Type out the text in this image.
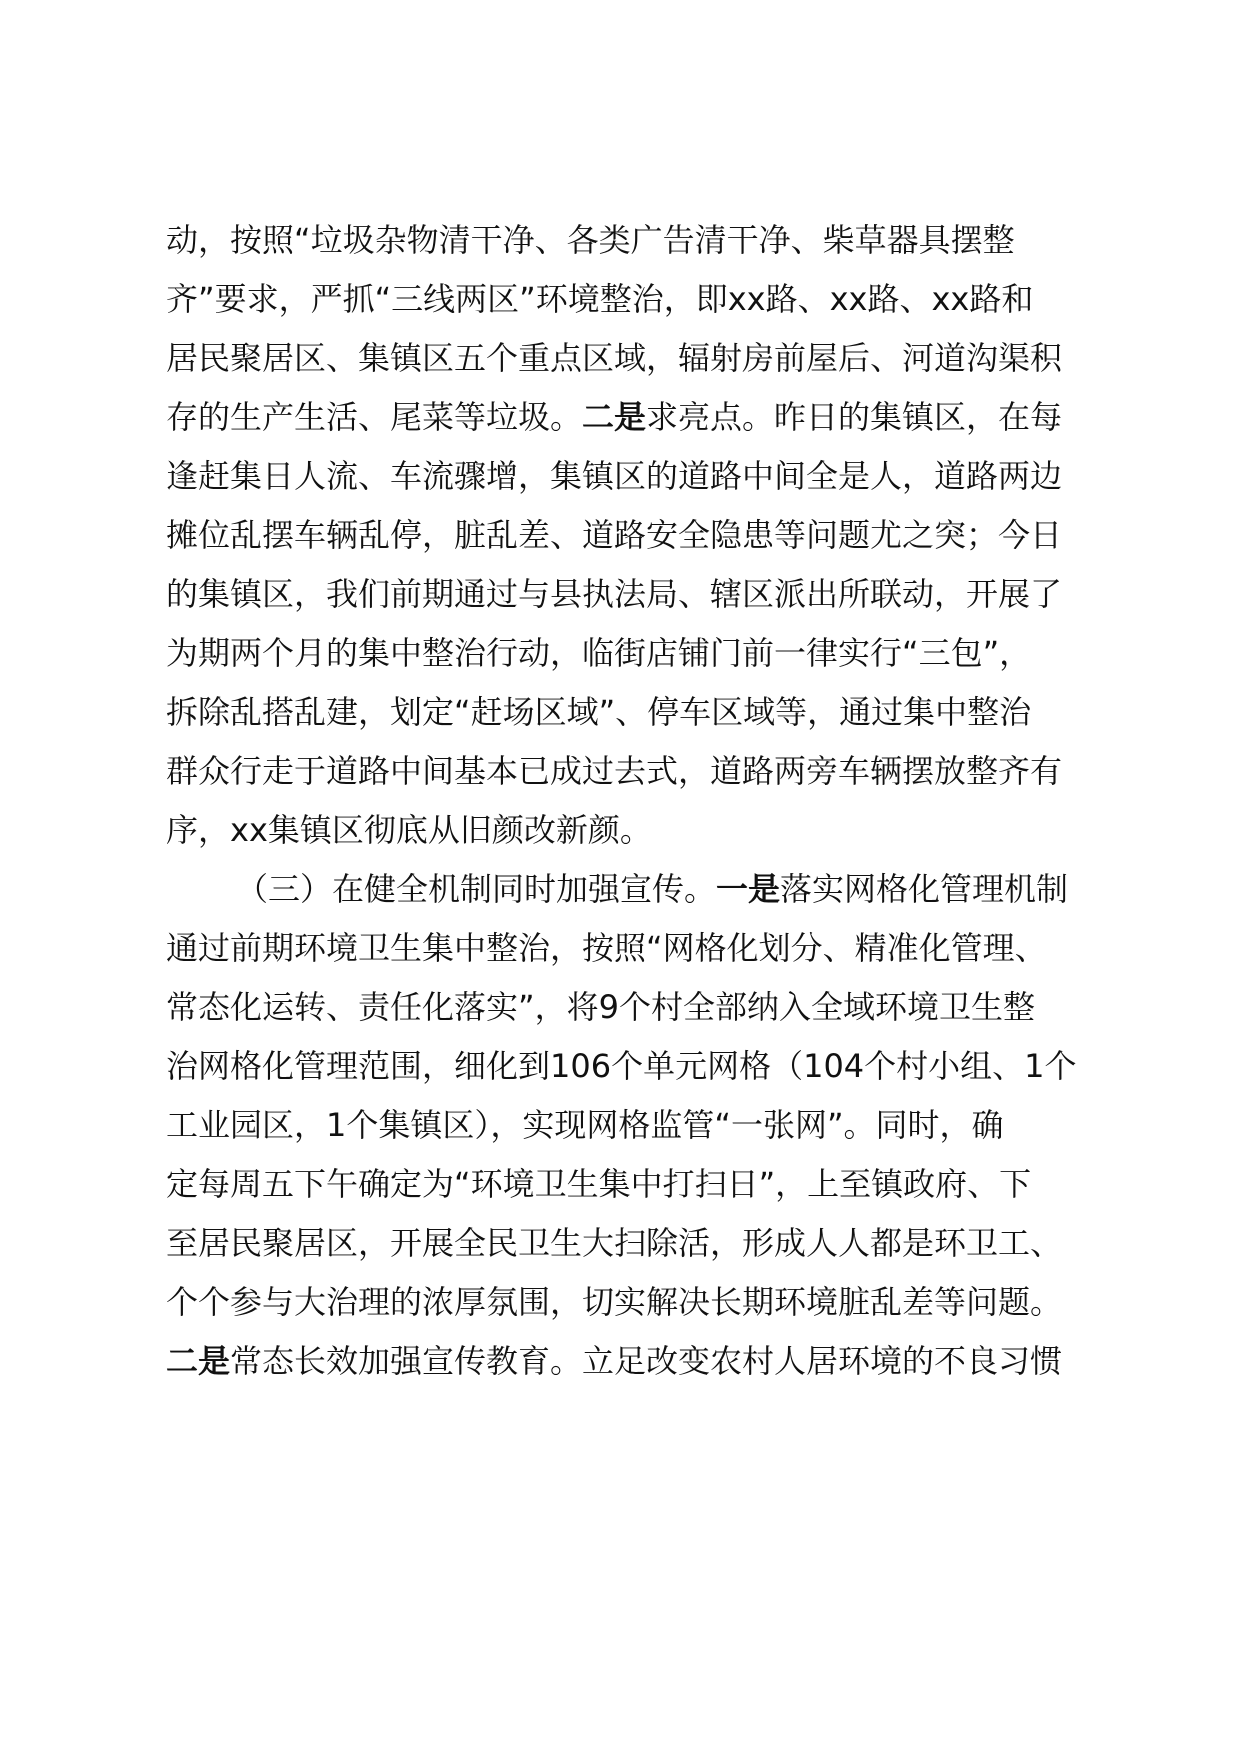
动，按照“垃圾杂物清干净、各类广告清干净、柴草器具摆整
齐”要求，严抓“三线两区”环境整治，即xx路、xx路、xx路和
居民聚居区、集镇区五个重点区域，辐射房前屋后、河道沟渠积
存的生产生活、尾菜等垃圾。二是求亮点。昨日的集镇区，在每
逢赶集日人流、车流骤增，集镇区的道路中间全是人，道路两边
摊位乱摆车辆乱停，脏乱差、道路安全隐患等问题尤之突；今日
的集镇区，我们前期通过与县执法局、辖区派出所联动，开展了
为期两个月的集中整治行动，临街店铺门前一律实行“三包”，
拆除乱搭乱建，划定“赶场区域”、停车区域等，通过集中整治
群众行走于道路中间基本已成过去式，道路两旁车辆摆放整齐有
序，xx集镇区彻底从旧颜改新颜。
（三）在健全机制同时加强宣传。一是落实网格化管理机制
通过前期环境卫生集中整治，按照“网格化划分、精准化管理、
常态化运转、责任化落实”，将9个村全部纳入全域环境卫生整
治网格化管理范围，细化到106个单元网格（104个村小组、1个
工业园区，1个集镇区），实现网格监管“一张网”。同时，确
定每周五下午确定为“环境卫生集中打扫日”，上至镇政府、下
至居民聚居区，开展全民卫生大扫除活，形成人人都是环卫工、
个个参与大治理的浓厚氛围，切实解决长期环境脏乱差等问题。
二是常态长效加强宣传教育。立足改变农村人居环境的不良习惯
